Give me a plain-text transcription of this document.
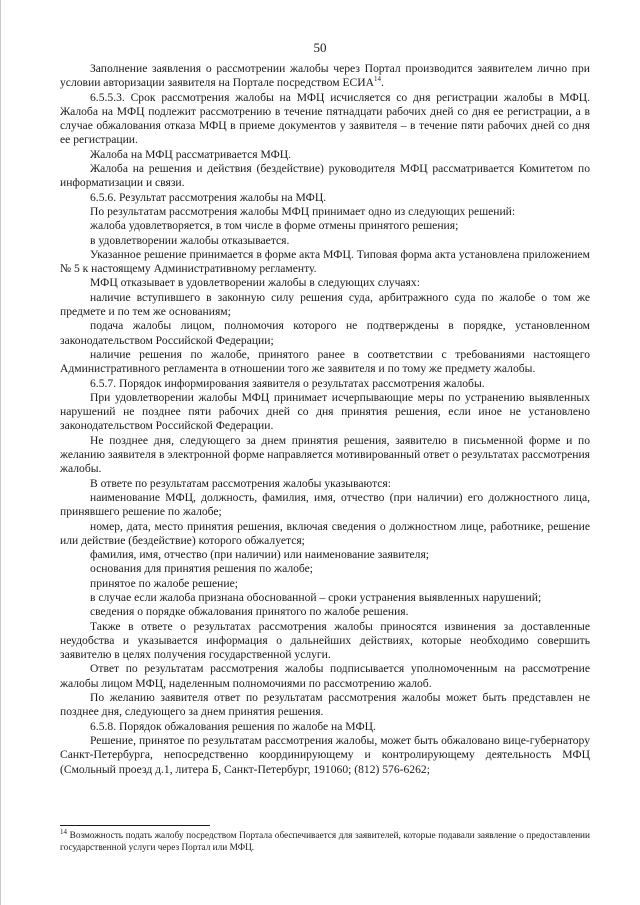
50

Заполнение заявления о рассмотрении жалобы через Портал производится заявителем лично при условии авторизации заявителя на Портале посредством ЕСИА$^{14}$.

6.5.5.3. Срок рассмотрения жалобы на МФЦ исчисляется со дня регистрации жалобы в МФЦ. Жалоба на МФЦ подлежит рассмотрению в течение пятнадцати рабочих дней со дня ее регистрации, а в случае обжалования отказа МФЦ в приеме документов у заявителя – в течение пяти рабочих дней со дня ее регистрации.

Жалоба на МФЦ рассматривается МФЦ.

Жалоба на решения и действия (бездействие) руководителя МФЦ рассматривается Комитетом по информатизации и связи.

6.5.6. Результат рассмотрения жалобы на МФЦ.

По результатам рассмотрения жалобы МФЦ принимает одно из следующих решений:

жалоба удовлетворяется, в том числе в форме отмены принятого решения;

в удовлетворении жалобы отказывается.

Указанное решение принимается в форме акта МФЦ. Типовая форма акта установлена приложением № 5 к настоящему Административному регламенту.

МФЦ отказывает в удовлетворении жалобы в следующих случаях:

наличие вступившего в законную силу решения суда, арбитражного суда по жалобе о том же предмете и по тем же основаниям;

подача жалобы лицом, полномочия которого не подтверждены в порядке, установленном законодательством Российской Федерации;

наличие решения по жалобе, принятого ранее в соответствии с требованиями настоящего Административного регламента в отношении того же заявителя и по тому же предмету жалобы.

6.5.7. Порядок информирования заявителя о результатах рассмотрения жалобы.

При удовлетворении жалобы МФЦ принимает исчерпывающие меры по устранению выявленных нарушений не позднее пяти рабочих дней со дня принятия решения, если иное не установлено законодательством Российской Федерации.

Не позднее дня, следующего за днем принятия решения, заявителю в письменной форме и по желанию заявителя в электронной форме направляется мотивированный ответ о результатах рассмотрения жалобы.

В ответе по результатам рассмотрения жалобы указываются:

наименование МФЦ, должность, фамилия, имя, отчество (при наличии) его должностного лица, принявшего решение по жалобе;

номер, дата, место принятия решения, включая сведения о должностном лице, работнике, решение или действие (бездействие) которого обжалуется;

фамилия, имя, отчество (при наличии) или наименование заявителя;

основания для принятия решения по жалобе;

принятое по жалобе решение;

в случае если жалоба признана обоснованной – сроки устранения выявленных нарушений;

сведения о порядке обжалования принятого по жалобе решения.

Также в ответе о результатах рассмотрения жалобы приносятся извинения за доставленные неудобства и указывается информация о дальнейших действиях, которые необходимо совершить заявителю в целях получения государственной услуги.

Ответ по результатам рассмотрения жалобы подписывается уполномоченным на рассмотрение жалобы лицом МФЦ, наделенным полномочиями по рассмотрению жалоб.

По желанию заявителя ответ по результатам рассмотрения жалобы может быть представлен не позднее дня, следующего за днем принятия решения.

6.5.8. Порядок обжалования решения по жалобе на МФЦ.

Решение, принятое по результатам рассмотрения жалобы, может быть обжаловано вице-губернатору Санкт-Петербурга, непосредственно координирующему и контролирующему деятельность МФЦ (Смольный проезд д.1, литера Б, Санкт-Петербург, 191060; (812) 576-6262;

$^{14}$ Возможность подать жалобу посредством Портала обеспечивается для заявителей, которые подавали заявление о предоставлении государственной услуги через Портал или МФЦ.
